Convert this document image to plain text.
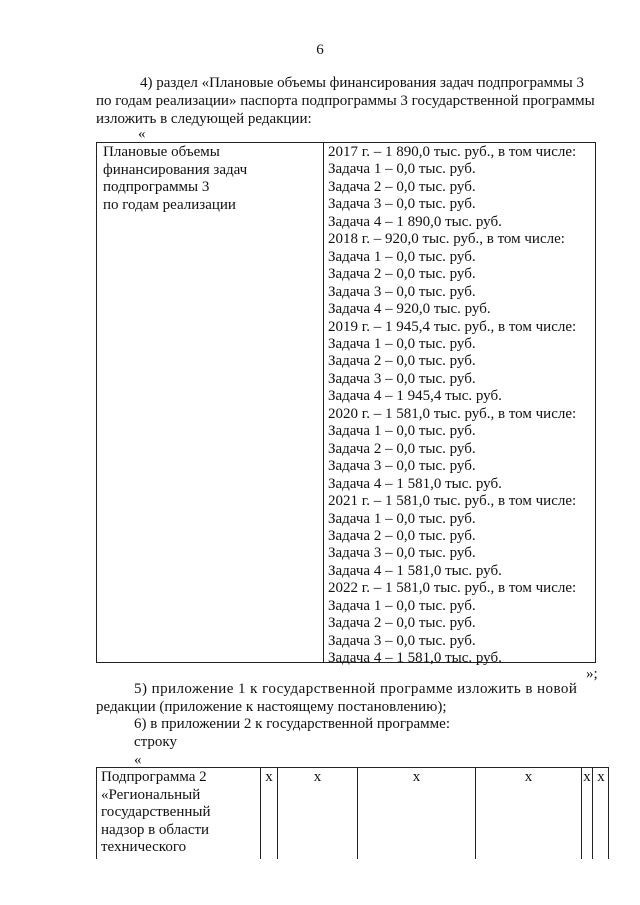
6
4) раздел «Плановые объемы финансирования задач подпрограммы 3
по годам реализации» паспорта подпрограммы 3 государственной программы
изложить в следующей редакции:
«
Плановые объемы
финансирования задач
подпрограммы 3
по годам реализации
2017 г. – 1 890,0 тыс. руб., в том числе:
Задача 1 – 0,0 тыс. руб.
Задача 2 – 0,0 тыс. руб.
Задача 3 – 0,0 тыс. руб.
Задача 4 – 1 890,0 тыс. руб.
2018 г. – 920,0 тыс. руб., в том числе:
Задача 1 – 0,0 тыс. руб.
Задача 2 – 0,0 тыс. руб.
Задача 3 – 0,0 тыс. руб.
Задача 4 – 920,0 тыс. руб.
2019 г. – 1 945,4 тыс. руб., в том числе:
Задача 1 – 0,0 тыс. руб.
Задача 2 – 0,0 тыс. руб.
Задача 3 – 0,0 тыс. руб.
Задача 4 – 1 945,4 тыс. руб.
2020 г. – 1 581,0 тыс. руб., в том числе:
Задача 1 – 0,0 тыс. руб.
Задача 2 – 0,0 тыс. руб.
Задача 3 – 0,0 тыс. руб.
Задача 4 – 1 581,0 тыс. руб.
2021 г. – 1 581,0 тыс. руб., в том числе:
Задача 1 – 0,0 тыс. руб.
Задача 2 – 0,0 тыс. руб.
Задача 3 – 0,0 тыс. руб.
Задача 4 – 1 581,0 тыс. руб.
2022 г. – 1 581,0 тыс. руб., в том числе:
Задача 1 – 0,0 тыс. руб.
Задача 2 – 0,0 тыс. руб.
Задача 3 – 0,0 тыс. руб.
Задача 4 – 1 581,0 тыс. руб.
»;
5) приложение 1 к государственной программе изложить в новой
редакции (приложение к настоящему постановлению);
6) в приложении 2 к государственной программе:
строку
«
Подпрограмма 2
«Региональный
государственный
надзор в области
технического
x	x	x	x	x x
